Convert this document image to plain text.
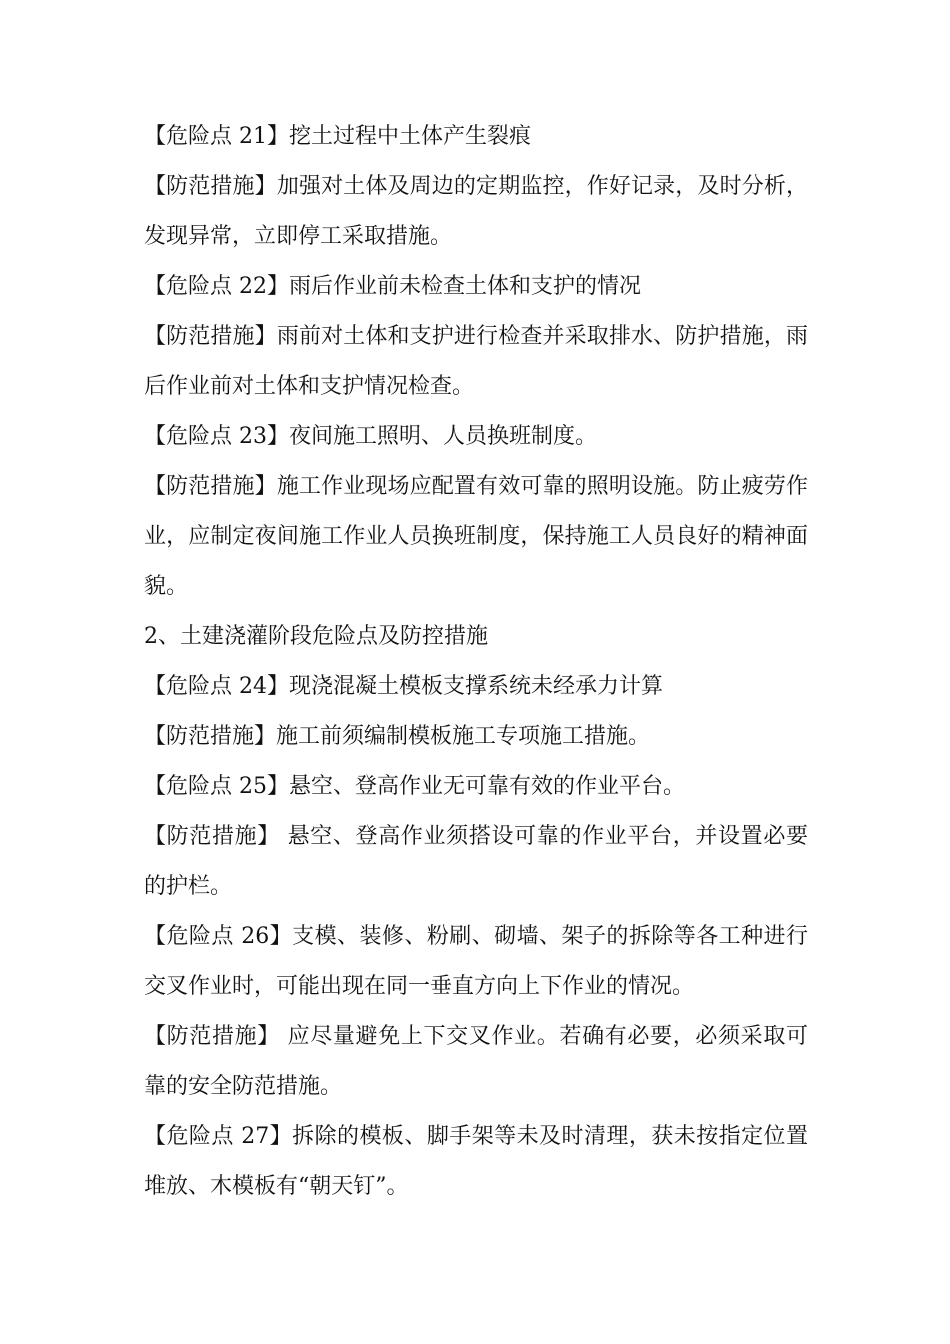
【危险点 21】挖土过程中土体产生裂痕

【防范措施】加强对土体及周边的定期监控，作好记录，及时分析，发现异常，立即停工采取措施。

【危险点 22】雨后作业前未检查土体和支护的情况

【防范措施】雨前对土体和支护进行检查并采取排水、防护措施，雨后作业前对土体和支护情况检查。

【危险点 23】夜间施工照明、人员换班制度。

【防范措施】施工作业现场应配置有效可靠的照明设施。防止疲劳作业，应制定夜间施工作业人员换班制度，保持施工人员良好的精神面貌。

2、土建浇灌阶段危险点及防控措施

【危险点 24】现浇混凝土模板支撑系统未经承力计算

【防范措施】施工前须编制模板施工专项施工措施。

【危险点 25】悬空、登高作业无可靠有效的作业平台。

【防范措施】 悬空、登高作业须搭设可靠的作业平台，并设置必要的护栏。

【危险点 26】支模、装修、粉刷、砌墙、架子的拆除等各工种进行交叉作业时，可能出现在同一垂直方向上下作业的情况。

【防范措施】 应尽量避免上下交叉作业。若确有必要，必须采取可靠的安全防范措施。

【危险点 27】拆除的模板、脚手架等未及时清理，获未按指定位置堆放、木模板有“朝天钉”。
